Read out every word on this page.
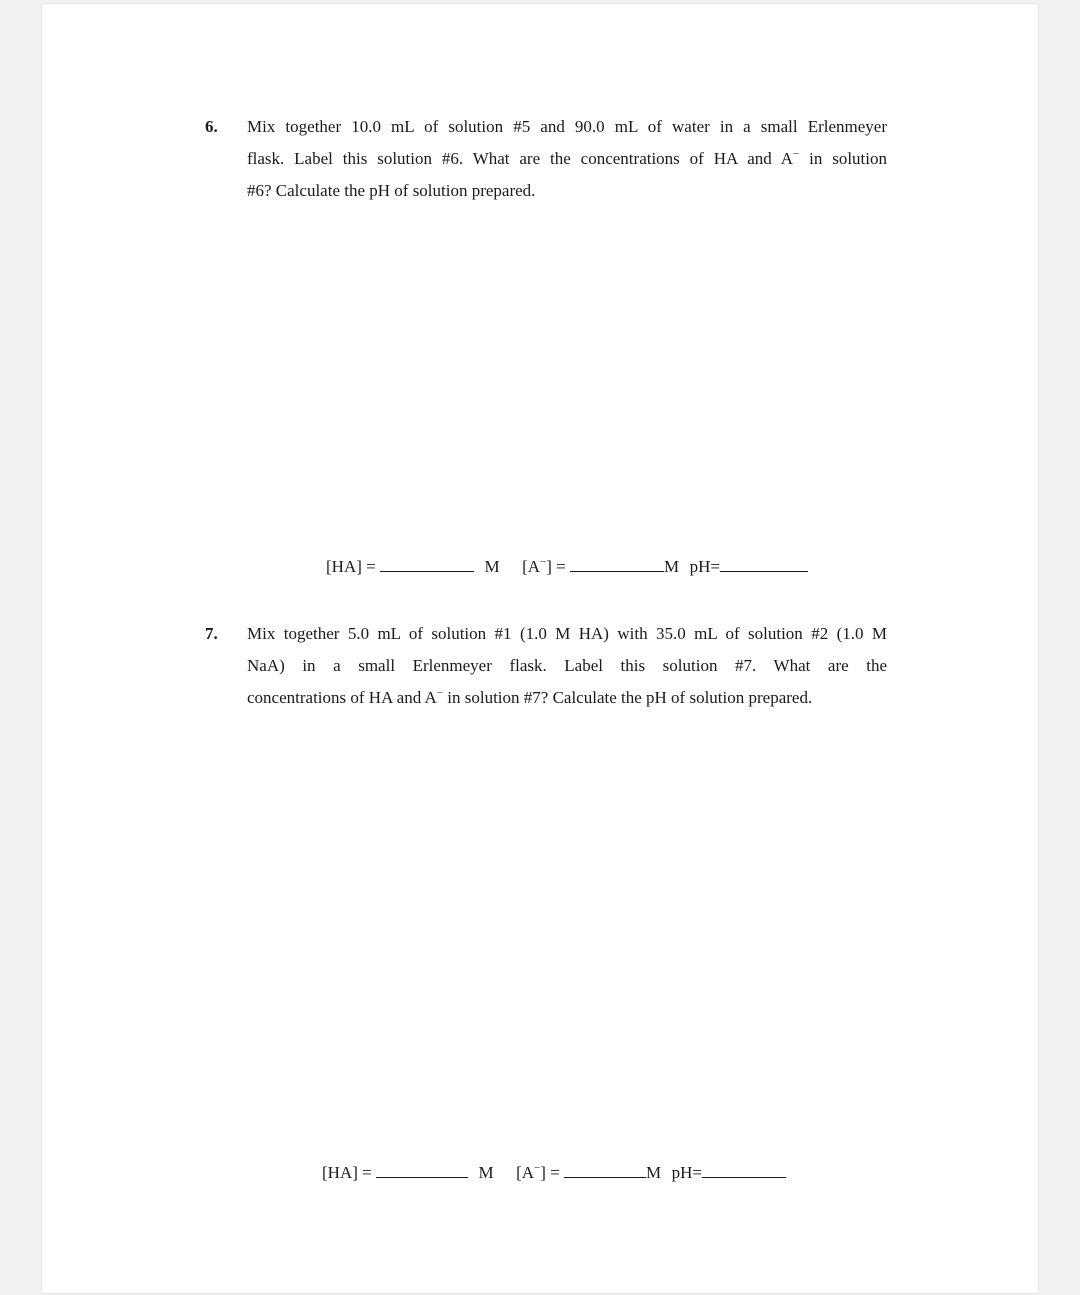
6. Mix together 10.0 mL of solution #5 and 90.0 mL of water in a small Erlenmeyer
flask. Label this solution #6. What are the concentrations of HA and A− in solution
#6? Calculate the pH of solution prepared.
[HA] =	M [A−] =	M pH=
7. Mix together 5.0 mL of solution #1 (1.0 M HA) with 35.0 mL of solution #2 (1.0 M
NaA) in a small Erlenmeyer flask. Label this solution #7. What are the
concentrations of HA and A− in solution #7? Calculate the pH of solution prepared.
[HA] =	M [A−] =	M pH=
